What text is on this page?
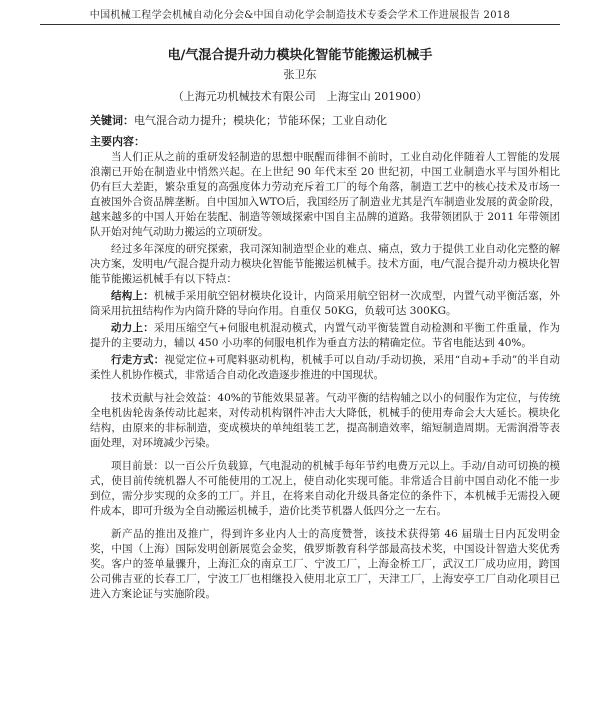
中国机械工程学会机械自动化分会&中国自动化学会制造技术专委会学术工作进展报告 2018
电/气混合提升动力模块化智能节能搬运机械手
张卫东
（上海元功机械技术有限公司　上海宝山 201900）
关键词：电气混合动力提升；模块化；节能环保；工业自动化
主要内容：

当人们正从之前的重研发轻制造的思想中眠醒而徘徊不前时，工业自动化伴随着人工智能的发展浪潮已开始在制造业中悄然兴起。在上世纪 90 年代末至 20 世纪初，中国工业制造水平与国外相比仍有巨大差距，繁杂重复的高强度体力劳动充斥着工厂的每个角落，制造工艺中的核心技术及市场一直被国外合资品牌垄断。自中国加入WTO后，我国经历了制造业尤其是汽车制造业发展的黄金阶段，越来越多的中国人开始在装配、制造等领域探索中国自主品牌的道路。我带领团队于 2011 年带领团队开始对纯气动助力搬运的立项研发。

经过多年深度的研究探索，我司深知制造型企业的难点、痛点，致力于提供工业自动化完整的解决方案，发明电/气混合提升动力模块化智能节能搬运机械手。技术方面，电/气混合提升动力模块化智能节能搬运机械手有以下特点：

结构上：机械手采用航空铝材模块化设计，内筒采用航空铝材一次成型，内置气动平衡活塞，外筒采用抗扭结构作为内筒升降的导向作用。自重仅 50KG，负载可达 300KG。

动力上：采用压缩空气+伺服电机混动模式，内置气动平衡装置自动检测和平衡工件重量，作为提升的主要动力，辅以 450 小功率的伺服电机作为垂直方法的精确定位。节省电能达到 40%。

行走方式：视觉定位+可爬料驱动机构，机械手可以自动/手动切换，采用“自动+手动”的半自动柔性人机协作模式，非常适合自动化改造逐步推进的中国现状。

技术贡献与社会效益：40%的节能效果显著。气动平衡的结构辅之以小的伺服作为定位，与传统全电机齿轮齿条传动比起来，对传动机构钢件冲击大大降低，机械手的使用寿命会大大延长。模块化结构，由原来的非标制造，变成模块的单纯组装工艺，提高制造效率，缩短制造周期。无需润滑等表面处理，对环境减少污染。

项目前景：以一百公斤负载算，气电混动的机械手每年节约电费万元以上。手动/自动可切换的模式，使目前传统机器人不可能使用的工况上，使自动化实现可能。非常适合目前中国自动化不能一步到位，需分步实现的众多的工厂。并且，在将来自动化升级具备定位的条件下，本机械手无需投入硬件成本，即可升级为全自动搬运机械手，造价比类节机器人低四分之一左右。

新产品的推出及推广，得到许多业内人士的高度赞誉，该技术获得第 46 届瑞士日内瓦发明金奖，中国（上海）国际发明创新展览会金奖，俄罗斯教育科学部最高技术奖，中国设计智造大奖优秀奖。客户的签单量骤升，上海汇众的南京工厂、宁波工厂，上海金桥工厂，武汉工厂成功应用，跨国公司佛吉亚的长春工厂，宁波工厂也相继投入使用北京工厂，天津工厂，上海安亭工厂自动化项目已进入方案论证与实施阶段。
